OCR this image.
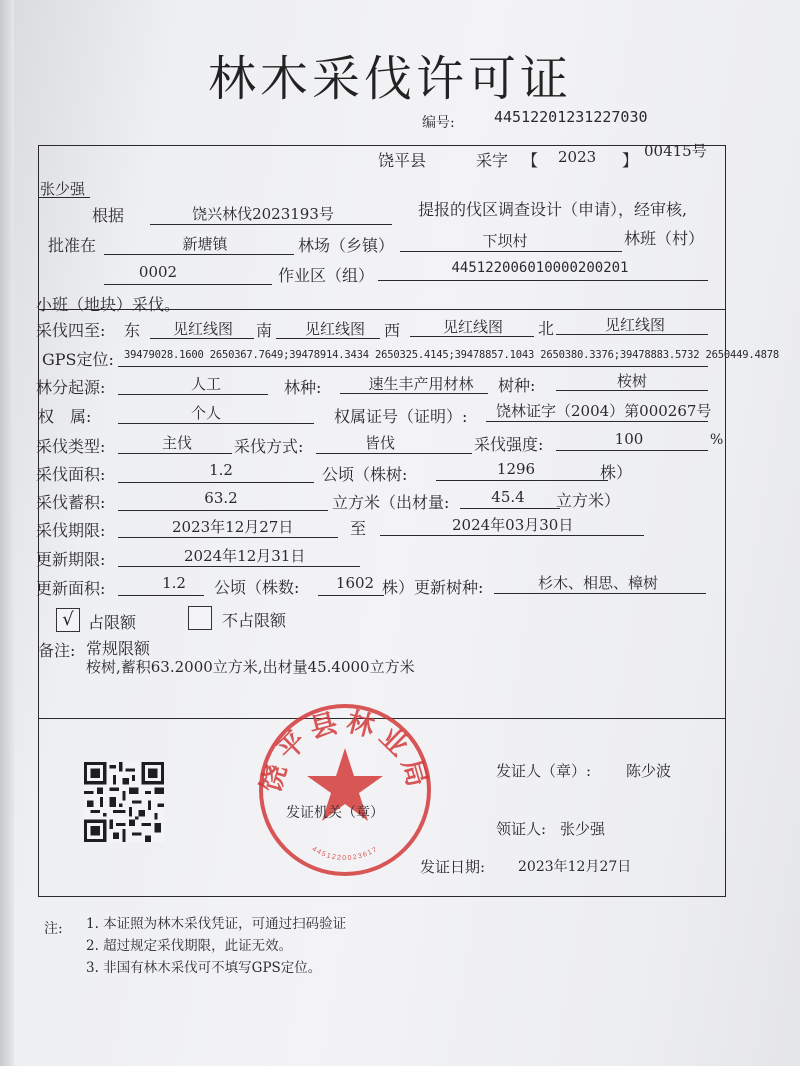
林木采伐许可证
编号:	44512201231227030
饶平县	采字 【 2023 】 00415号
张少强
根据	饶兴林伐2023193号	提报的伐区调查设计（申请），经审核,
批准在	新塘镇	林场（乡镇）	下坝村	林班（村）
0002	作业区（组）	445122006010000200201
小班（地块）采伐。
采伐四至: 东	见红线图	南	见红线图	西	见红线图	北	见红线图
GPS定位: 39479028.1600 2650367.7649;39478914.3434 2650325.4145;39478857.1043 2650380.3376;39478883.5732 2650449.4878
林分起源:	人工	林种:	速生丰产用材林	树种:	桉树
权　属:	个人	权属证号（证明）: 饶林证字（2004）第000267号
采伐类型:	主伐	采伐方式:	皆伐	采伐强度:	100	%
采伐面积:	1.2	公顷（株树:	1296	株）
采伐蓄积:	63.2	立方米（出材量:	45.4	立方米）
采伐期限:	2023年12月27日	至	2024年03月30日
更新期限:	2024年12月31日
更新面积:	1.2	公顷（株数:	1602 株）更新树种:	杉木、相思、樟树
√ 占限额	不占限额
备注: 常规限额
桉树,蓄积63.2000立方米,出材量45.4000立方米
饶平县林业局
4451220023617
发证机关（章）
发证人（章）: 陈少波
领证人: 张少强
发证日期: 2023年12月27日
注: 1. 本证照为林木采伐凭证，可通过扫码验证
2. 超过规定采伐期限，此证无效。
3. 非国有林木采伐可不填写GPS定位。
